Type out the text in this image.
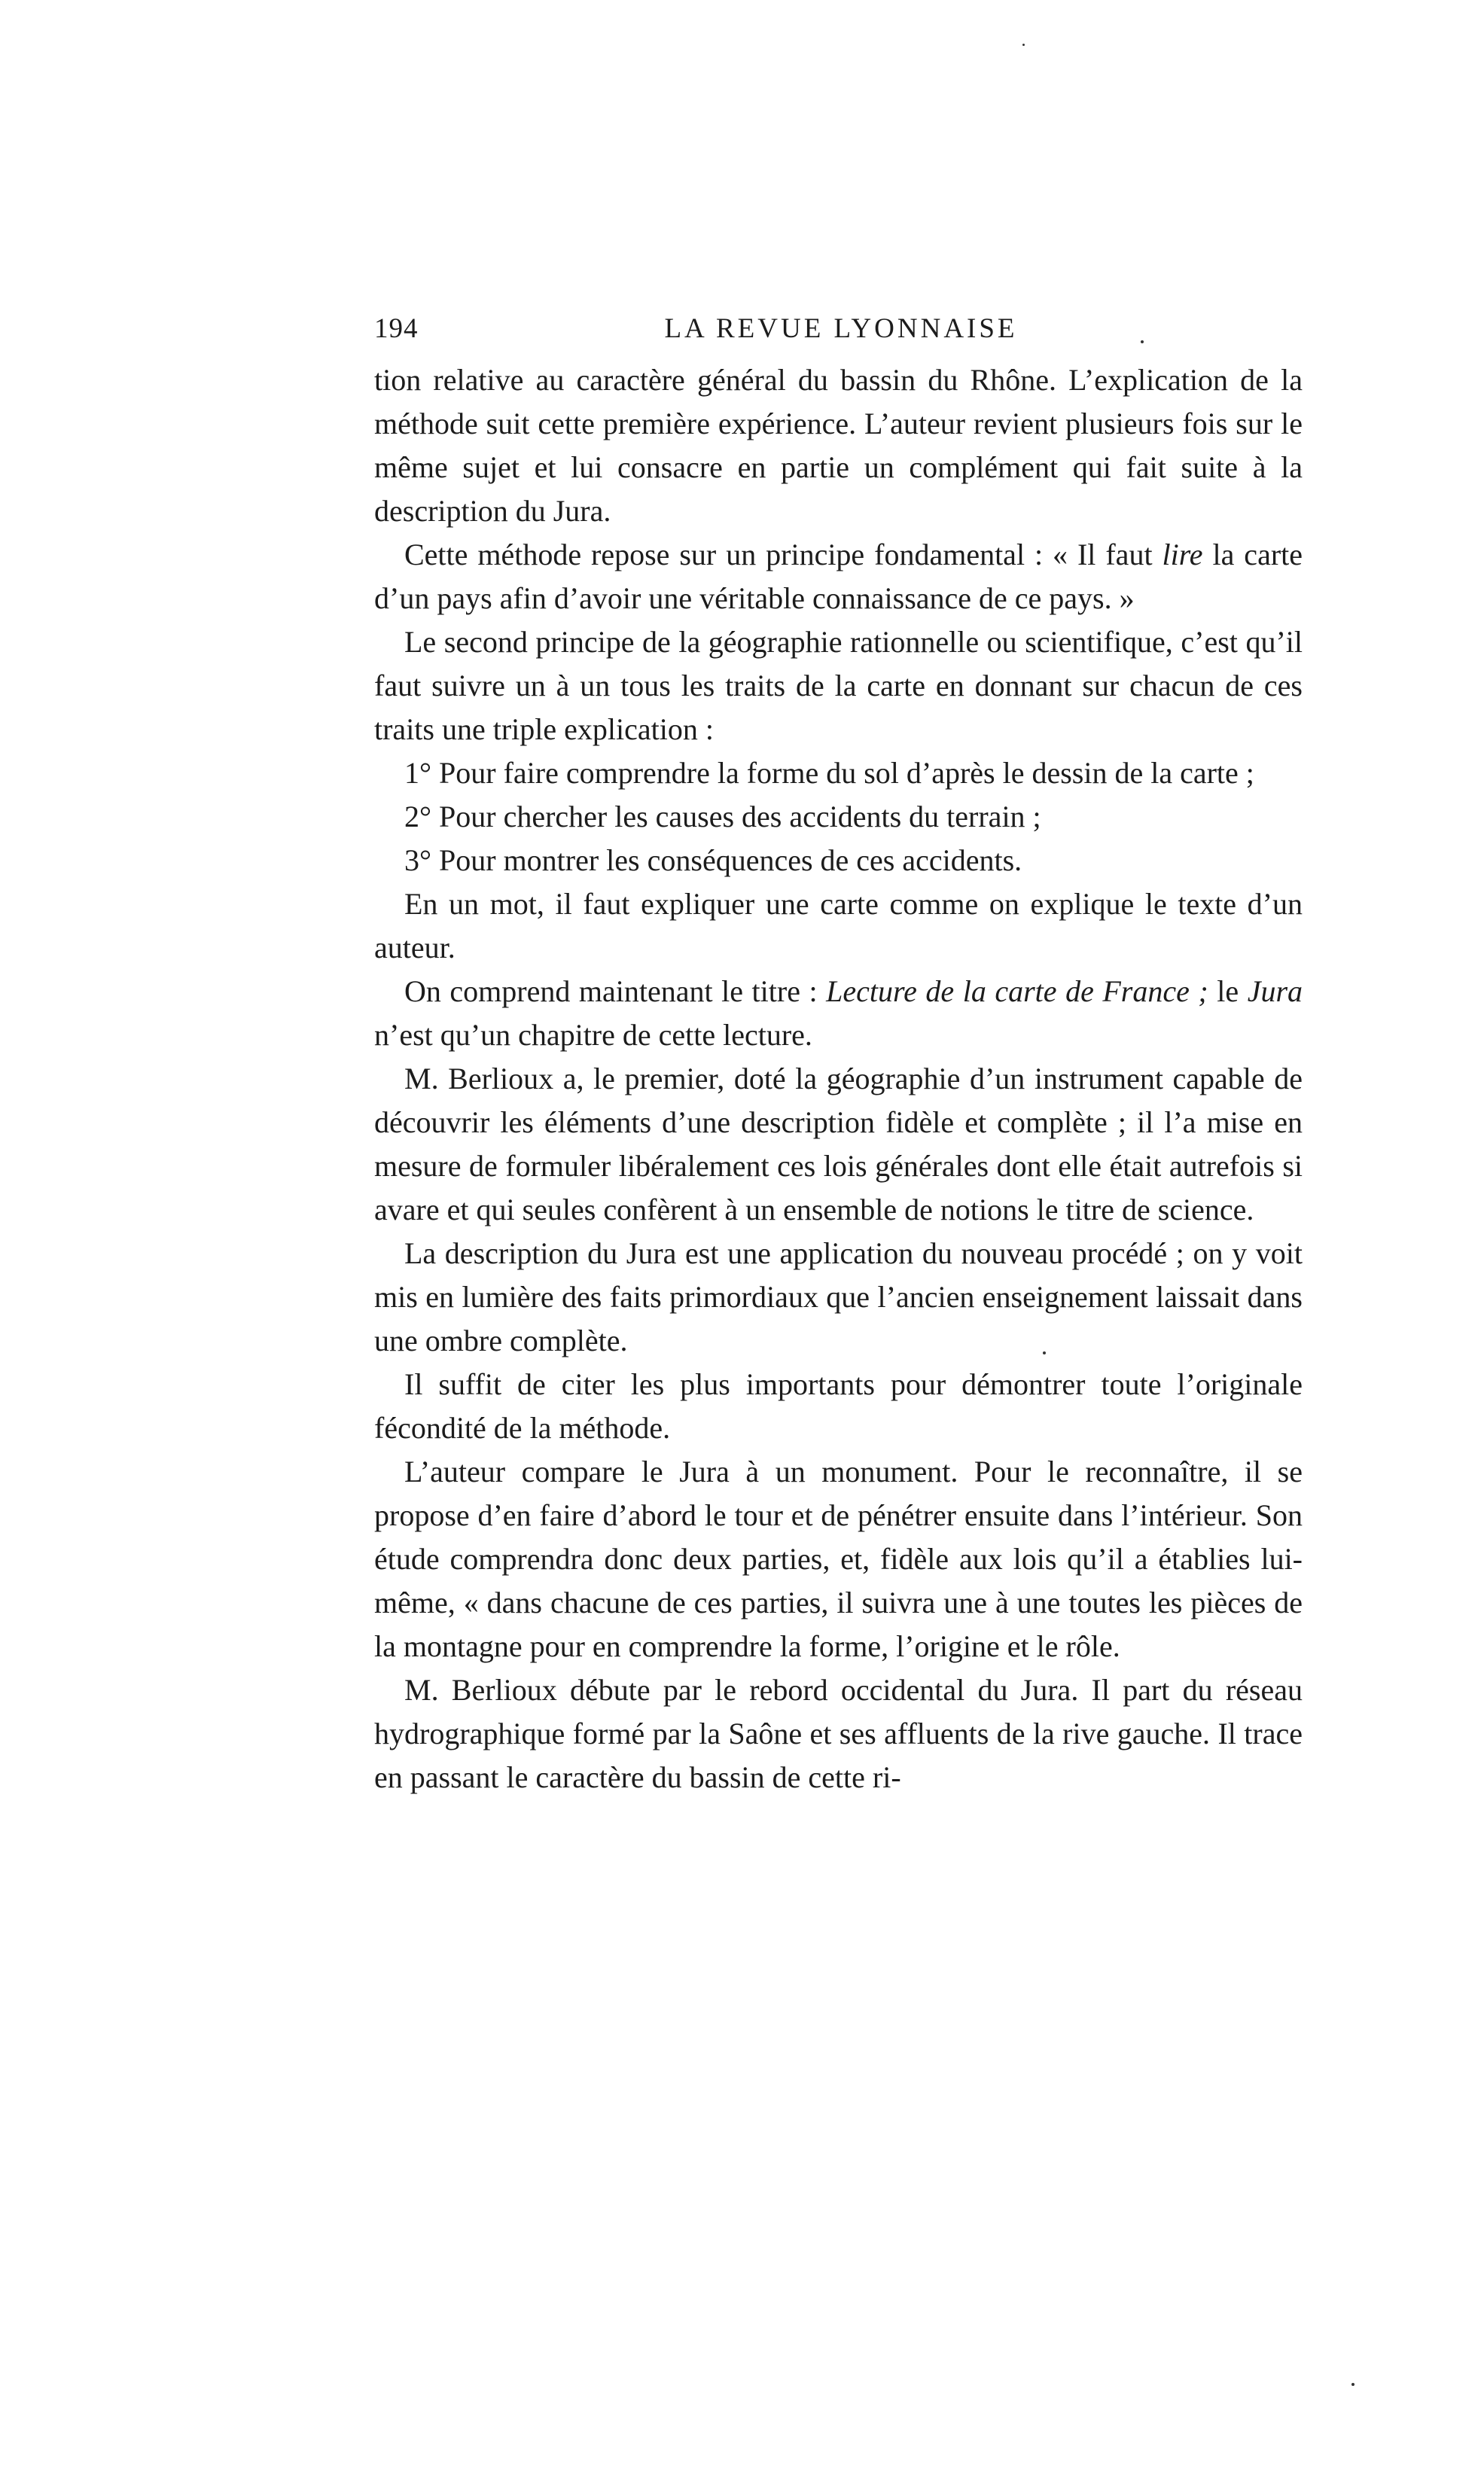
194	LA REVUE LYONNAISE

tion relative au caractère général du bassin du Rhône. L’explication de la méthode suit cette première expérience. L’auteur revient plusieurs fois sur le même sujet et lui consacre en partie un complément qui fait suite à la description du Jura.

Cette méthode repose sur un principe fondamental : « Il faut lire la carte d’un pays afin d’avoir une véritable connaissance de ce pays. »

Le second principe de la géographie rationnelle ou scientifique, c’est qu’il faut suivre un à un tous les traits de la carte en donnant sur chacun de ces traits une triple explication :

1° Pour faire comprendre la forme du sol d’après le dessin de la carte ;

2° Pour chercher les causes des accidents du terrain ;

3° Pour montrer les conséquences de ces accidents.

En un mot, il faut expliquer une carte comme on explique le texte d’un auteur.

On comprend maintenant le titre : Lecture de la carte de France ; le Jura n’est qu’un chapitre de cette lecture.

M. Berlioux a, le premier, doté la géographie d’un instrument capable de découvrir les éléments d’une description fidèle et complète ; il l’a mise en mesure de formuler libéralement ces lois générales dont elle était autrefois si avare et qui seules confèrent à un ensemble de notions le titre de science.

La description du Jura est une application du nouveau procédé ; on y voit mis en lumière des faits primordiaux que l’ancien enseignement laissait dans une ombre complète.

Il suffit de citer les plus importants pour démontrer toute l’originale fécondité de la méthode.

L’auteur compare le Jura à un monument. Pour le reconnaître, il se propose d’en faire d’abord le tour et de pénétrer ensuite dans l’intérieur. Son étude comprendra donc deux parties, et, fidèle aux lois qu’il a établies lui-même, « dans chacune de ces parties, il suivra une à une toutes les pièces de la montagne pour en comprendre la forme, l’origine et le rôle.

M. Berlioux débute par le rebord occidental du Jura. Il part du réseau hydrographique formé par la Saône et ses affluents de la rive gauche. Il trace en passant le caractère du bassin de cette ri-
